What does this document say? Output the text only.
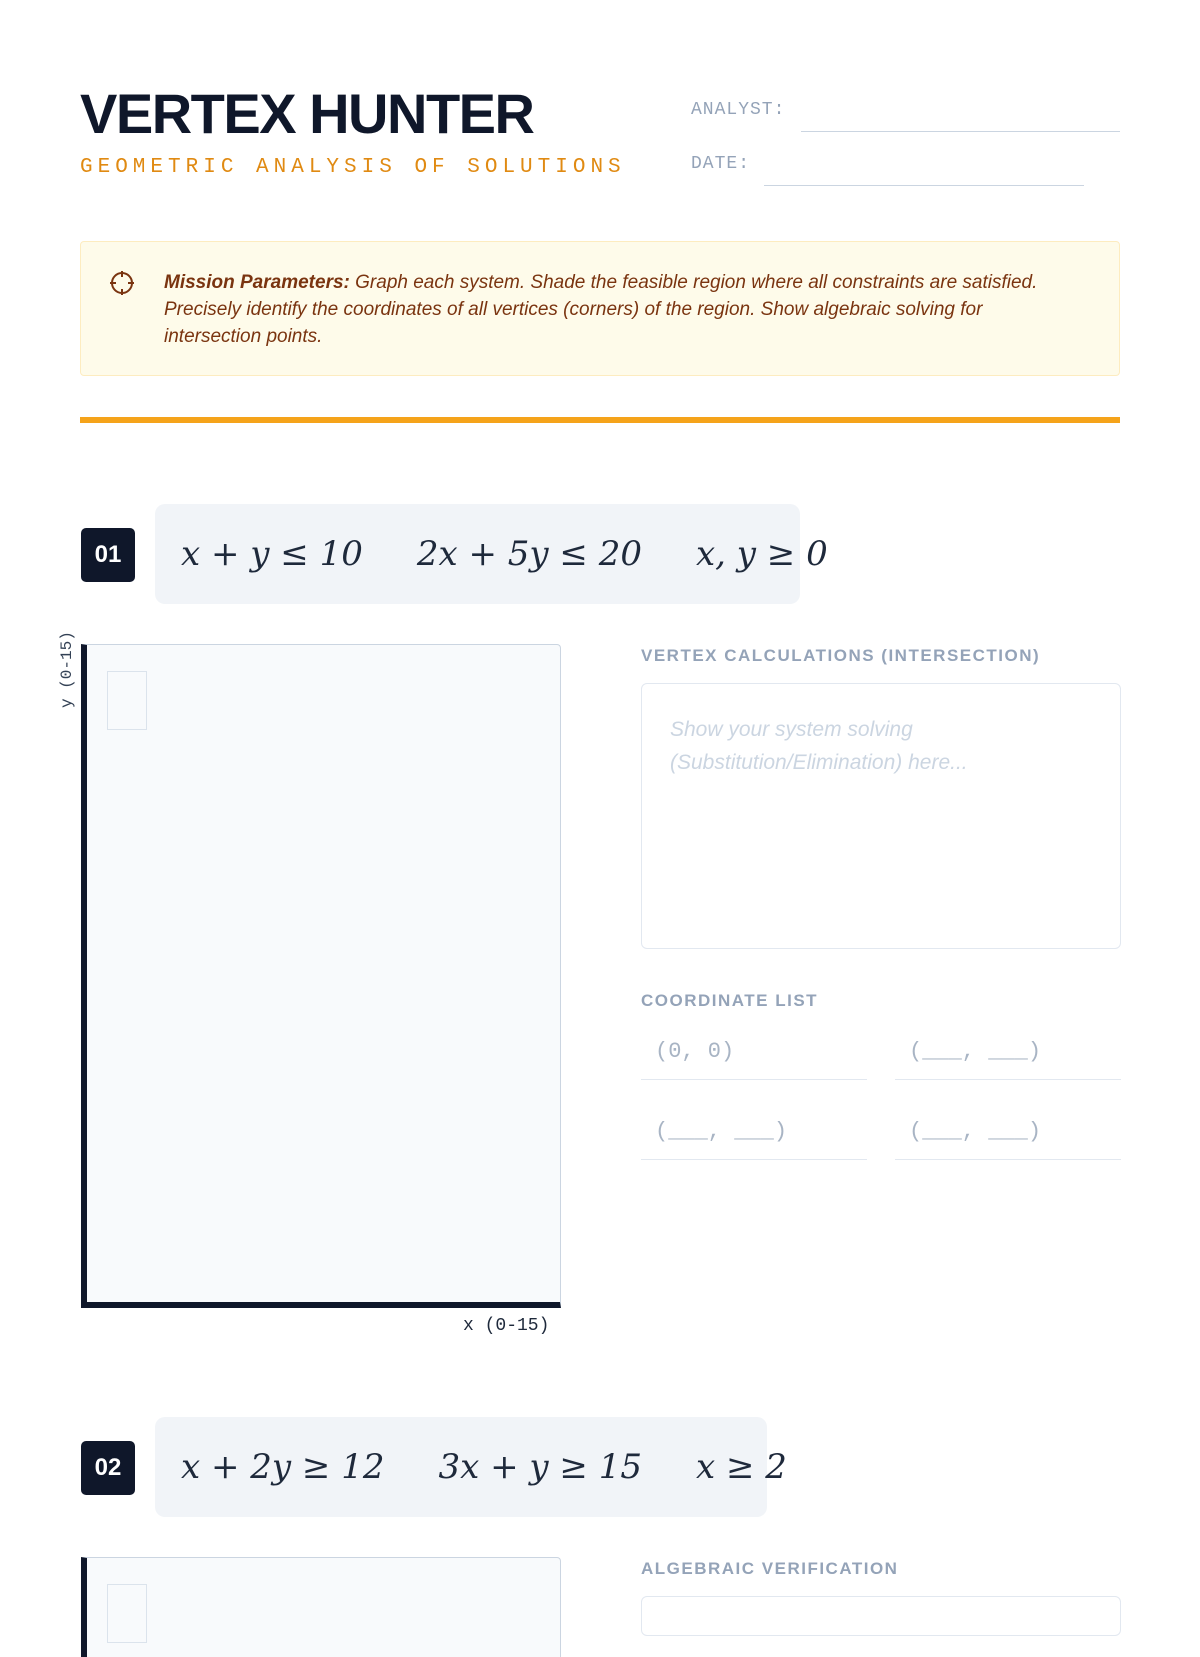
VERTEX HUNTER
GEOMETRIC ANALYSIS OF SOLUTIONS
ANALYST:
DATE:
Mission Parameters: Graph each system. Shade the feasible region where all constraints are satisfied. Precisely identify the coordinates of all vertices (corners) of the region. Show algebraic solving for intersection points.
01	x + y ≤ 10 2x + 5y ≤ 20 x, y ≥ 0
y (0-15)
x (0-15)
VERTEX CALCULATIONS (INTERSECTION)
Show your system solving (Substitution/Elimination) here...
COORDINATE LIST
(0, 0)	(___, ___)
(___, ___)	(___, ___)
02	x + 2y ≥ 12 3x + y ≥ 15 x ≥ 2
ALGEBRAIC VERIFICATION
